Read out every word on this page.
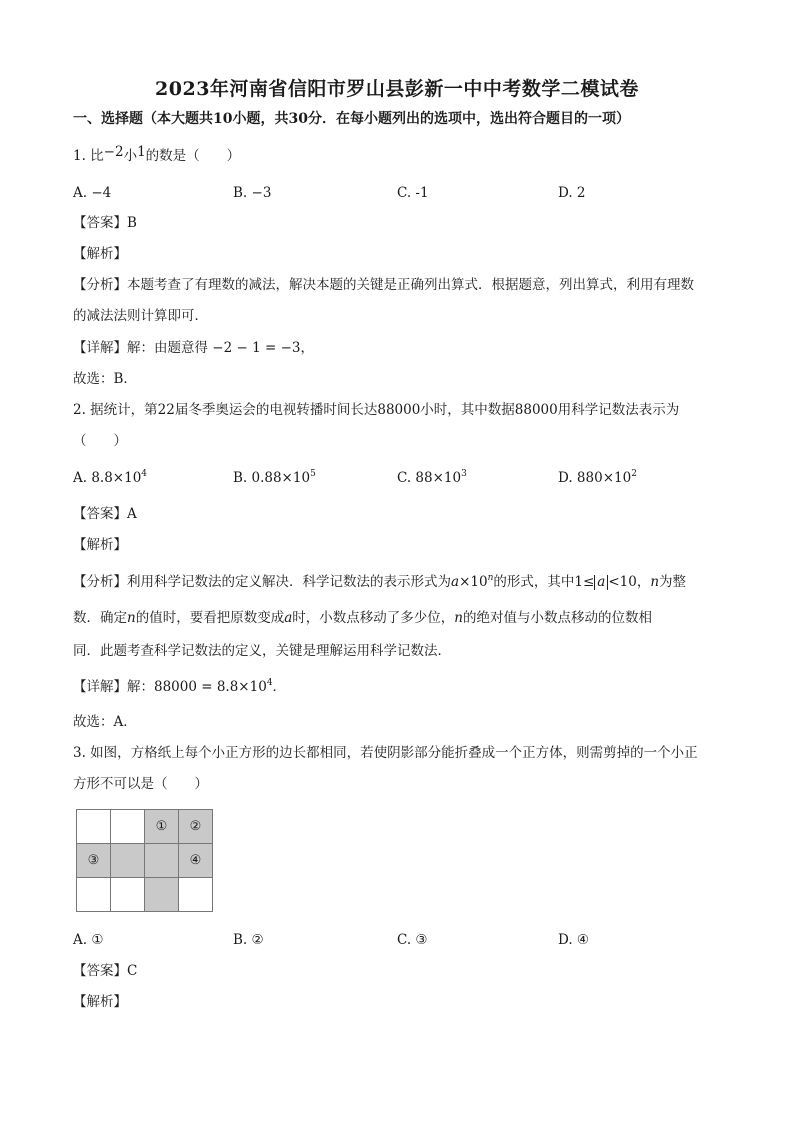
2023年河南省信阳市罗山县彭新一中中考数学二模试卷
一、选择题（本大题共10小题，共30分．在每小题列出的选项中，选出符合题目的一项）
1. 比−2小1的数是（　　）
A. −4	B. −3	C. -1	D. 2
【答案】B
【解析】
【分析】本题考查了有理数的减法，解决本题的关键是正确列出算式．根据题意，列出算式，利用有理数
的减法法则计算即可．
【详解】解：由题意得 −2 − 1 = −3，
故选：B．
2. 据统计，第22届冬季奥运会的电视转播时间长达88000小时，其中数据88000用科学记数法表示为
（　　）
A. $8.8\times 10^4$	B. $0.88\times 10^5$	C. $88\times 10^3$	D. $880\times 10^2$
【答案】A
【解析】
【分析】利用科学记数法的定义解决．科学记数法的表示形式为$a\times 10^n$的形式，其中1≤ a <10，n为整
数．确定n的值时，要看把原数变成a时，小数点移动了多少位，n的绝对值与小数点移动的位数相
同．此题考查科学记数法的定义，关键是理解运用科学记数法．
【详解】解：$88000 = 8.8\times 10^4$．
故选：A．
3. 如图，方格纸上每个小正方形的边长都相同，若使阴影部分能折叠成一个正方体，则需剪掉的一个小正
方形不可以是（　　）
		①	②
③			④

A. ①	B. ②	C. ③	D. ④
【答案】C
【解析】
